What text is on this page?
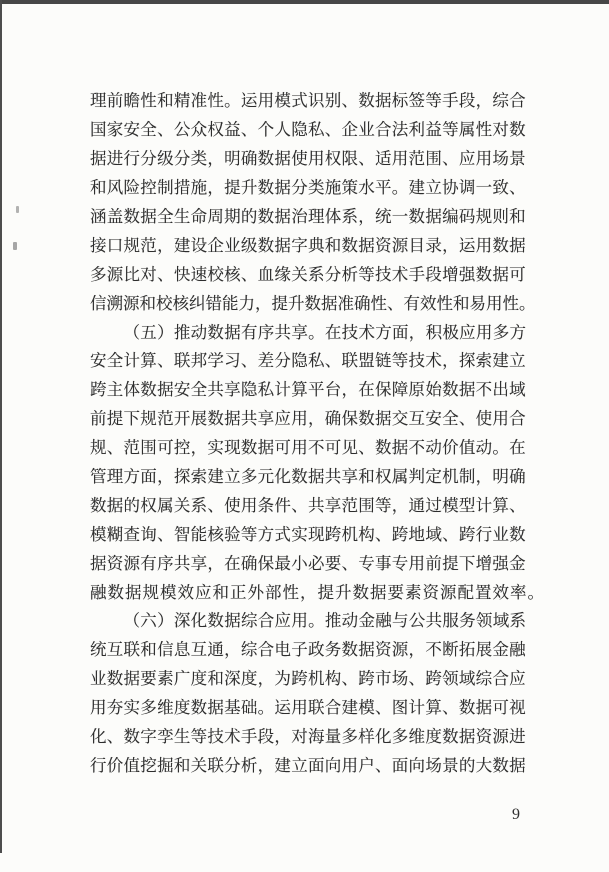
理 前 瞻 性 和 精 准 性 。 运 用 模 式 识 别 、 数 据 标 签 等 手 段 ， 综 合
国 家 安 全 、 公 众 权 益 、 个 人 隐 私 、 企 业 合 法 利 益 等 属 性 对 数
据 进 行 分 级 分 类 ， 明 确 数 据 使 用 权 限 、 适 用 范 围 、 应 用 场 景
和 风 险 控 制 措 施 ， 提 升 数 据 分 类 施 策 水 平 。 建 立 协 调 一 致 、
涵 盖 数 据 全 生 命 周 期 的 数 据 治 理 体 系 ， 统 一 数 据 编 码 规 则 和
接 口 规 范 ， 建 设 企 业 级 数 据 字 典 和 数 据 资 源 目 录 ， 运 用 数 据
多 源 比 对 、 快 速 校 核 、 血 缘 关 系 分 析 等 技 术 手 段 增 强 数 据 可
信 溯 源 和 校 核 纠 错 能 力 ， 提 升 数 据 准 确 性 、 有 效 性 和 易 用 性 。
（ 五 ） 推 动 数 据 有 序 共 享 。 在 技 术 方 面 ， 积 极 应 用 多 方
安 全 计 算 、 联 邦 学 习 、 差 分 隐 私 、 联 盟 链 等 技 术 ， 探 索 建 立
跨 主 体 数 据 安 全 共 享 隐 私 计 算 平 台 ， 在 保 障 原 始 数 据 不 出 域
前 提 下 规 范 开 展 数 据 共 享 应 用 ， 确 保 数 据 交 互 安 全 、 使 用 合
规 、 范 围 可 控 ， 实 现 数 据 可 用 不 可 见 、 数 据 不 动 价 值 动 。 在
管 理 方 面 ， 探 索 建 立 多 元 化 数 据 共 享 和 权 属 判 定 机 制 ， 明 确
数 据 的 权 属 关 系 、 使 用 条 件 、 共 享 范 围 等 ， 通 过 模 型 计 算 、
模 糊 查 询 、 智 能 核 验 等 方 式 实 现 跨 机 构 、 跨 地 域 、 跨 行 业 数
据 资 源 有 序 共 享 ， 在 确 保 最 小 必 要 、 专 事 专 用 前 提 下 增 强 金
融 数 据 规 模 效 应 和 正 外 部 性 ， 提 升 数 据 要 素 资 源 配 置 效 率 。
（ 六 ） 深 化 数 据 综 合 应 用 。 推 动 金 融 与 公 共 服 务 领 域 系
统 互 联 和 信 息 互 通 ， 综 合 电 子 政 务 数 据 资 源 ， 不 断 拓 展 金 融
业 数 据 要 素 广 度 和 深 度 ， 为 跨 机 构 、 跨 市 场 、 跨 领 域 综 合 应
用 夯 实 多 维 度 数 据 基 础 。 运 用 联 合 建 模 、 图 计 算 、 数 据 可 视
化 、 数 字 孪 生 等 技 术 手 段 ， 对 海 量 多 样 化 多 维 度 数 据 资 源 进
行 价 值 挖 掘 和 关 联 分 析 ， 建 立 面 向 用 户 、 面 向 场 景 的 大 数 据
9
